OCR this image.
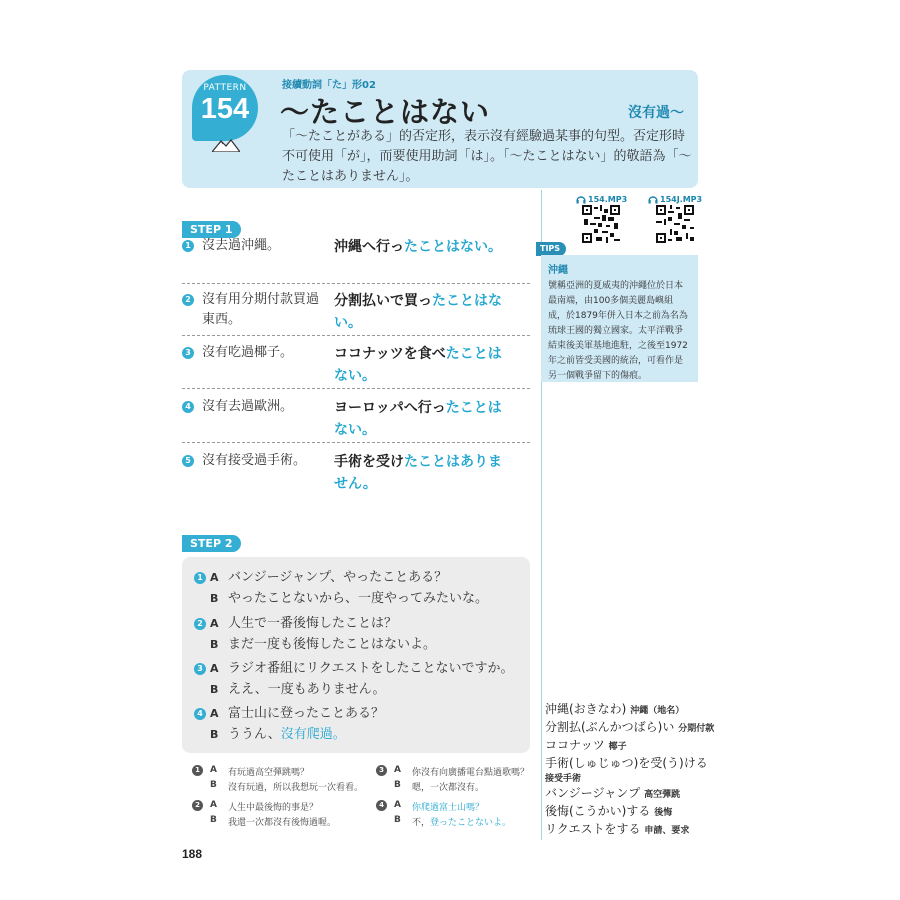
PATTERN
154
接續動詞「た」形02
〜たことはない	沒有過〜
「〜たことがある」的否定形，表示沒有經驗過某事的句型。否定形時不可使用「が」，而要使用助詞「は」。「〜たことはない」的敬語為「〜たことはありません」。
STEP 1
1 沒去過沖繩。	沖縄へ行ったことはない。
2 沒有用分期付款買過東西。
分割払いで買ったことはない。
3 沒有吃過椰子。	ココナッツを食べたことはない。
4 沒有去過歐洲。	ヨーロッパへ行ったことはない。
5 沒有接受過手術。	手術を受けたことはありません。
STEP 2
1 A バンジージャンプ、やったことある？
B やったことないから、一度やってみたいな。
2 A 人生で一番後悔したことは？
B まだ一度も後悔したことはないよ。
3 A ラジオ番組にリクエストをしたことないですか。
B ええ、一度もありません。
4 A 富士山に登ったことある？
B ううん、沒有爬過。
1	A 有玩過高空彈跳嗎？
B 沒有玩過，所以我想玩一次看看。
2	A 人生中最後悔的事是？
B 我還一次都沒有後悔過喔。
3	A 你沒有向廣播電台點過歌嗎？
B 嗯，一次都沒有。
4	A 你爬過富士山嗎？
B 不，登ったことないよ。
154.MP3	154J.MP3
TIPS
沖繩
號稱亞洲的夏威夷的沖繩位於日本最南端，由100多個美麗島嶼組成，於1879年併入日本之前為名為琉球王國的獨立國家。太平洋戰爭結束後美軍基地進駐，之後至1972年之前皆受美國的統治，可看作是另一個戰爭留下的傷痕。
沖縄(おきなわ) 沖繩（地名）
分割払(ぶんかつばら)い 分期付款
ココナッツ 椰子
手術(しゅじゅつ)を受(う)ける
接受手術
バンジージャンプ 高空彈跳
後悔(こうかい)する 後悔
リクエストをする 申請、要求
188
